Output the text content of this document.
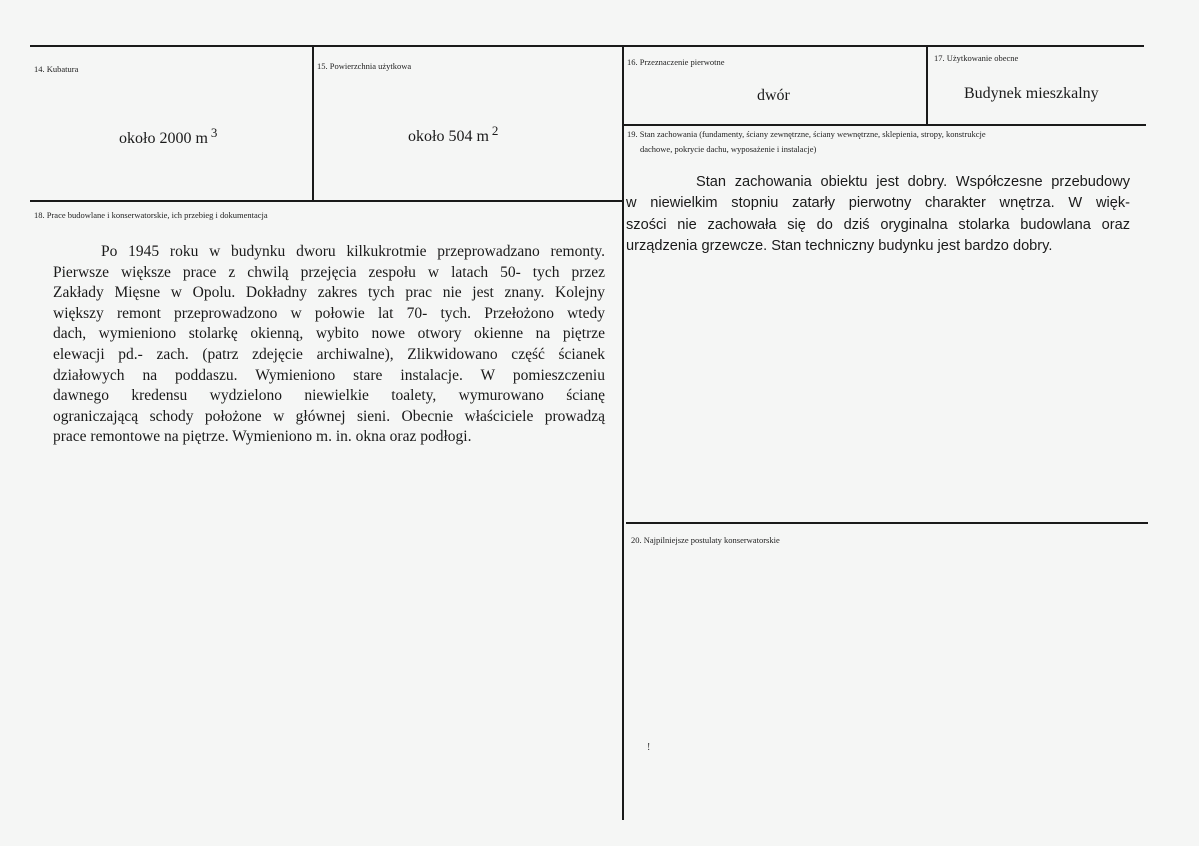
14. Kubatura
około 2000 m $^3$
15. Powierzchnia użytkowa
około 504 m $^2$
16. Przeznaczenie pierwotne
dwór
17. Użytkowanie obecne
Budynek mieszkalny
18. Prace budowlane i konserwatorskie, ich przebieg i dokumentacja
Po 1945 roku w budynku dworu kilkukrotmie przeprowadzano remonty.
Pierwsze większe prace z chwilą przejęcia zespołu w latach 50- tych przez
Zakłady Mięsne w Opolu. Dokładny zakres tych prac nie jest znany. Kolejny
większy remont przeprowadzono w połowie lat 70- tych. Przełożono wtedy
dach, wymieniono stolarkę okienną, wybito nowe otwory okienne na piętrze
elewacji pd.- zach. (patrz zdejęcie archiwalne), Zlikwidowano część ścianek
działowych na poddaszu. Wymieniono stare instalacje. W pomieszczeniu
dawnego kredensu wydzielono niewielkie toalety, wymurowano ścianę
ograniczającą schody położone w głównej sieni. Obecnie właściciele prowadzą
prace remontowe na piętrze. Wymieniono m. in. okna oraz podłogi.
19. Stan zachowania (fundamenty, ściany zewnętrzne, ściany wewnętrzne, sklepienia, stropy, konstrukcje
dachowe, pokrycie dachu, wyposażenie i instalacje)
Stan zachowania obiektu jest dobry. Współczesne przebudowy
w niewielkim stopniu zatarły pierwotny charakter wnętrza. W więk-
szości nie zachowała się do dziś oryginalna stolarka budowlana oraz
urządzenia grzewcze. Stan techniczny budynku jest bardzo dobry.
20. Najpilniejsze postulaty konserwatorskie
!
